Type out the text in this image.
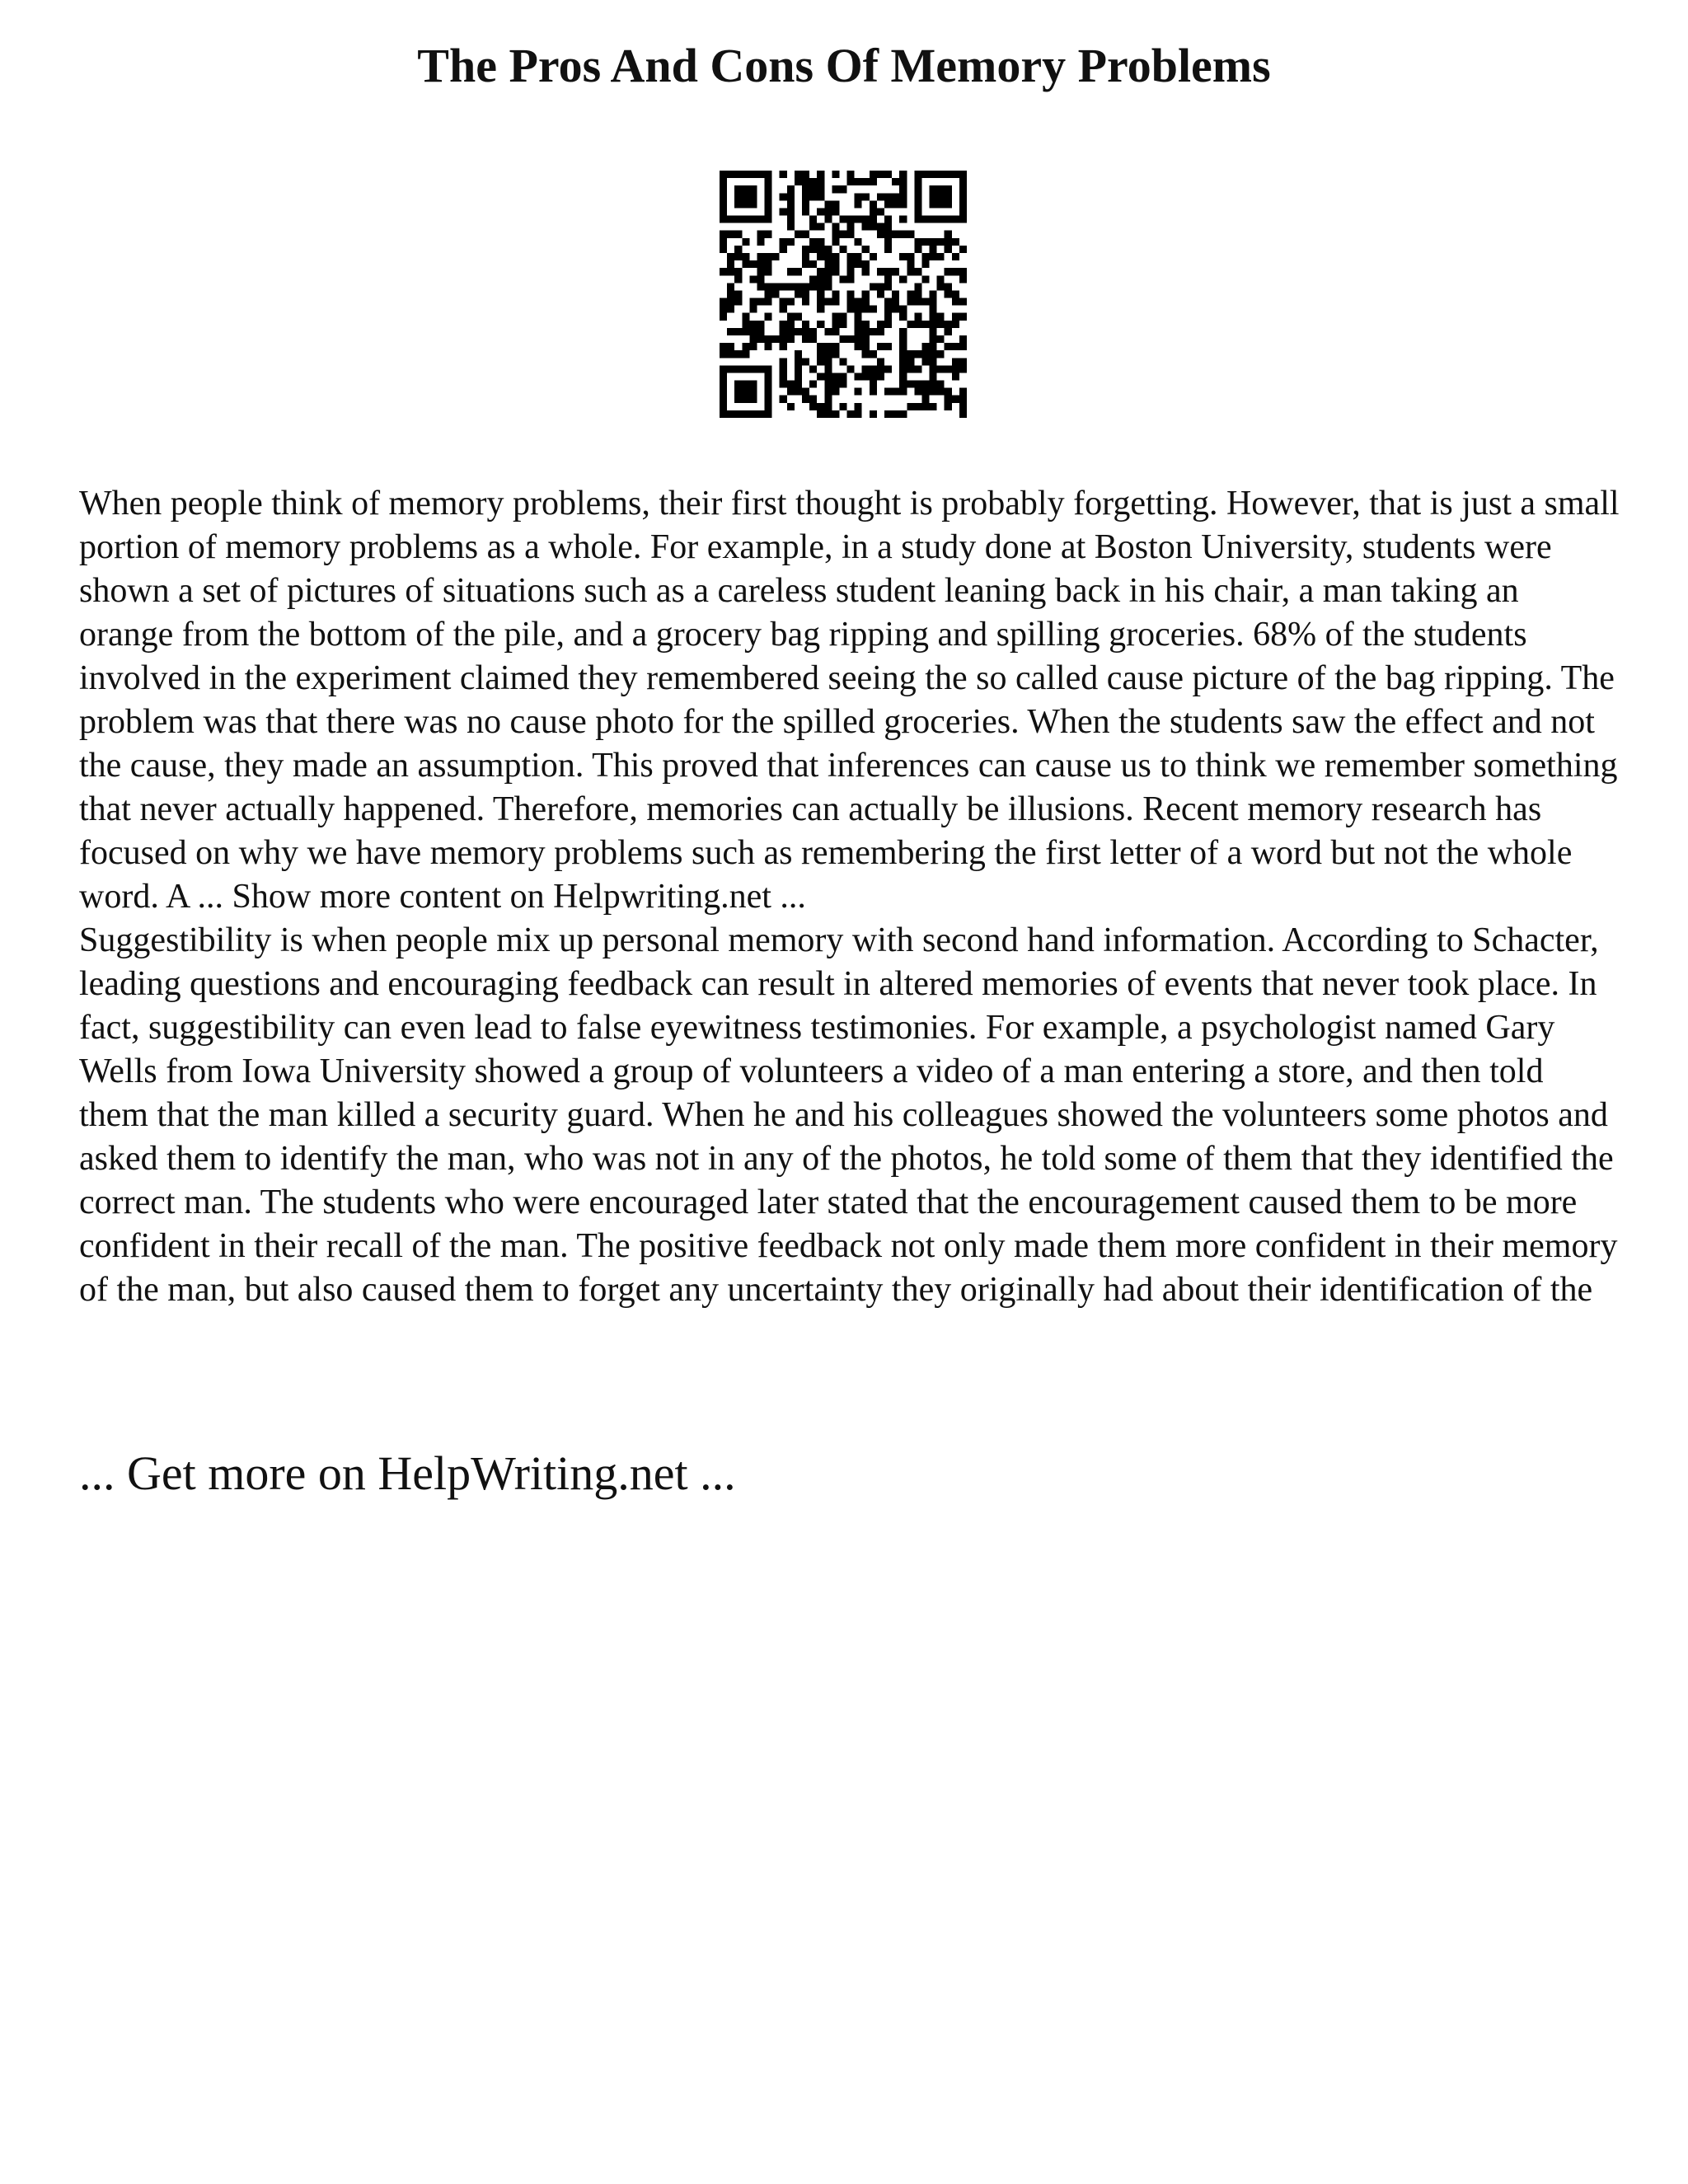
The Pros And Cons Of Memory Problems

When people think of memory problems, their first thought is probably forgetting. However, that is just a small portion of memory problems as a whole. For example, in a study done at Boston University, students were shown a set of pictures of situations such as a careless student leaning back in his chair, a man taking an orange from the bottom of the pile, and a grocery bag ripping and spilling groceries. 68% of the students involved in the experiment claimed they remembered seeing the so called cause picture of the bag ripping. The problem was that there was no cause photo for the spilled groceries. When the students saw the effect and not the cause, they made an assumption. This proved that inferences can cause us to think we remember something that never actually happened. Therefore, memories can actually be illusions. Recent memory research has focused on why we have memory problems such as remembering the first letter of a word but not the whole word. A ... Show more content on Helpwriting.net ...

Suggestibility is when people mix up personal memory with second hand information. According to Schacter, leading questions and encouraging feedback can result in altered memories of events that never took place. In fact, suggestibility can even lead to false eyewitness testimonies. For example, a psychologist named Gary Wells from Iowa University showed a group of volunteers a video of a man entering a store, and then told them that the man killed a security guard. When he and his colleagues showed the volunteers some photos and asked them to identify the man, who was not in any of the photos, he told some of them that they identified the correct man. The students who were encouraged later stated that the encouragement caused them to be more confident in their recall of the man. The positive feedback not only made them more confident in their memory of the man, but also caused them to forget any uncertainty they originally had about their identification of the

... Get more on HelpWriting.net ...
